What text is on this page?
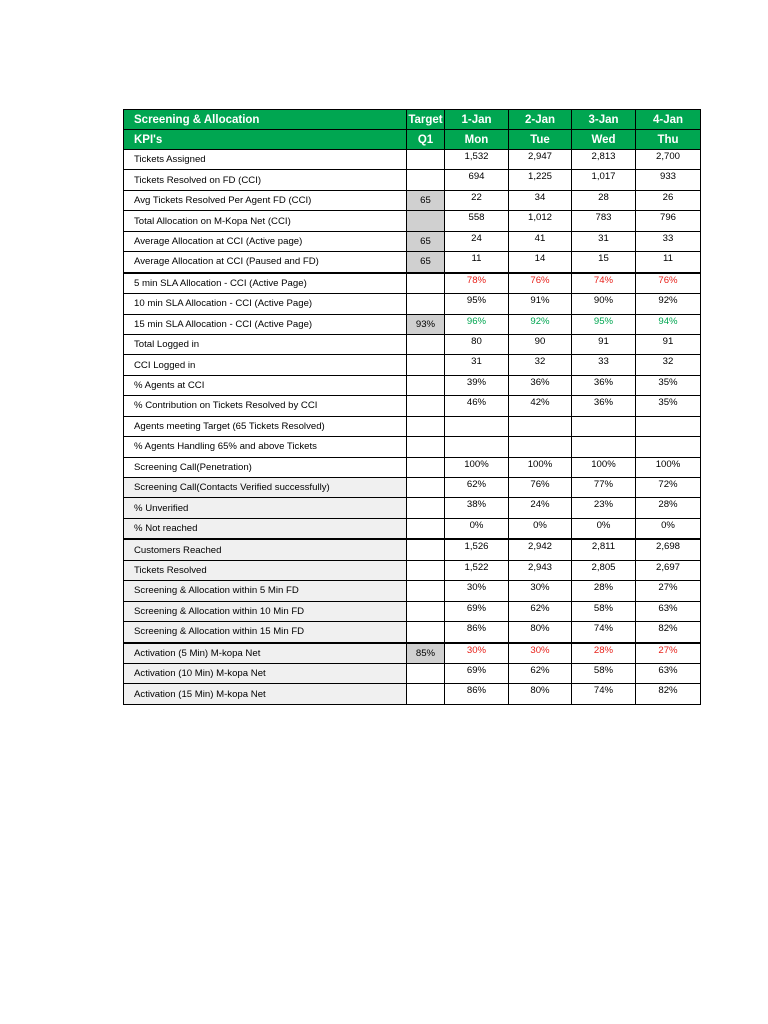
Screening & Allocation	Target	1-Jan	2-Jan	3-Jan	4-Jan
KPI's	Q1	Mon	Tue	Wed	Thu
Tickets Assigned		1,532	2,947	2,813	2,700
Tickets Resolved on FD (CCI)		694	1,225	1,017	933
Avg Tickets Resolved Per Agent FD (CCI)	65	22	34	28	26
Total Allocation on M-Kopa Net (CCI)		558	1,012	783	796
Average Allocation at CCI (Active page)	65	24	41	31	33
Average Allocation at CCI (Paused and FD)	65	11	14	15	11
5 min SLA Allocation - CCI (Active Page)		78%	76%	74%	76%
10 min SLA Allocation - CCI (Active Page)		95%	91%	90%	92%
15 min SLA Allocation - CCI (Active Page)	93%	96%	92%	95%	94%
Total Logged in		80	90	91	91
CCI Logged in		31	32	33	32
% Agents at CCI		39%	36%	36%	35%
% Contribution on Tickets Resolved by CCI		46%	42%	36%	35%
Agents meeting Target (65 Tickets Resolved)					
% Agents Handling 65% and above Tickets					
Screening Call(Penetration)		100%	100%	100%	100%
Screening Call(Contacts Verified successfully)		62%	76%	77%	72%
% Unverified		38%	24%	23%	28%
% Not reached		0%	0%	0%	0%
Customers Reached		1,526	2,942	2,811	2,698
Tickets Resolved		1,522	2,943	2,805	2,697
Screening & Allocation within 5 Min FD		30%	30%	28%	27%
Screening & Allocation within 10 Min FD		69%	62%	58%	63%
Screening & Allocation within 15 Min FD		86%	80%	74%	82%
Activation (5 Min) M-kopa Net	85%	30%	30%	28%	27%
Activation (10 Min) M-kopa Net		69%	62%	58%	63%
Activation (15 Min) M-kopa Net		86%	80%	74%	82%
